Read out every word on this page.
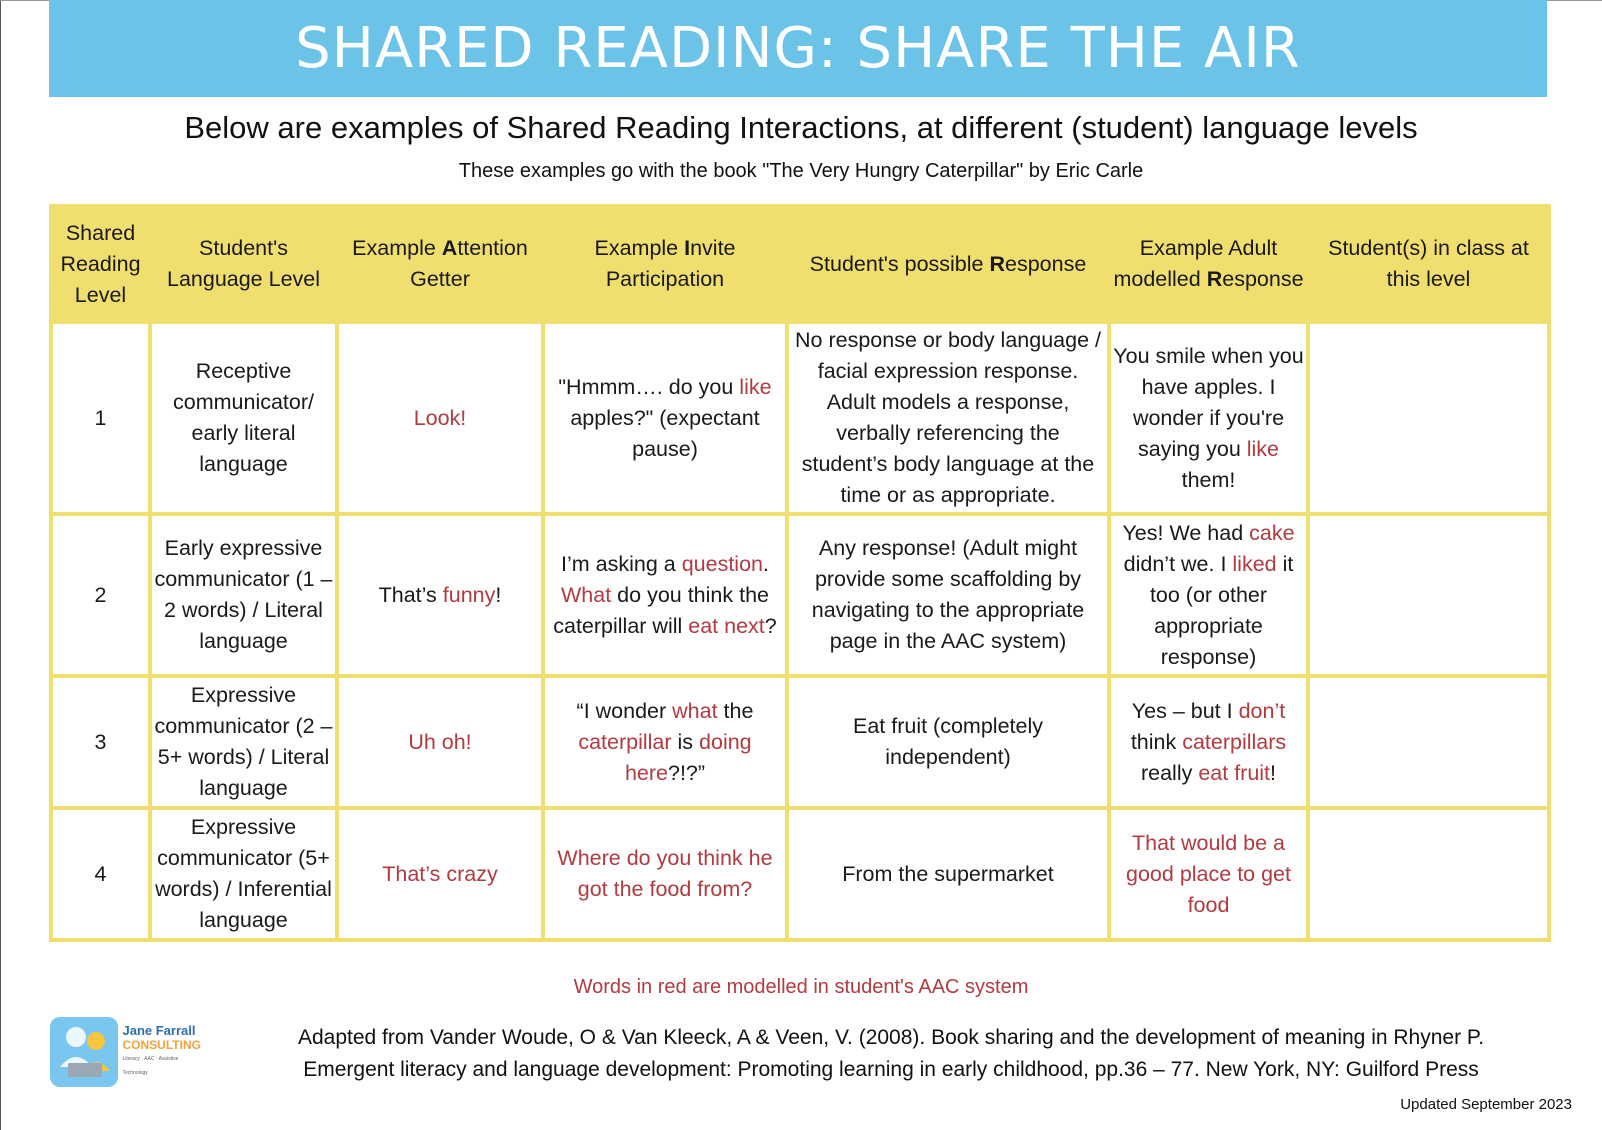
SHARED READING: SHARE THE AIR
Below are examples of Shared Reading Interactions, at different (student) language levels
These examples go with the book "The Very Hungry Caterpillar" by Eric Carle
Shared Reading Level	Student's Language Level	Example Attention Getter	Example Invite Participation	Student's possible Response	Example Adult modelled Response	Student(s) in class at this level
1	Receptive communicator/ early literal language	Look!	"Hmmm…. do you like apples?" (expectant pause)	No response or body language / facial expression response. Adult models a response, verbally referencing the student’s body language at the time or as appropriate.	You smile when you have apples. I wonder if you're saying you like them!	
2	Early expressive communicator (1 – 2 words) / Literal language	That’s funny!	I’m asking a question. What do you think the caterpillar will eat next?	Any response! (Adult might provide some scaffolding by navigating to the appropriate page in the AAC system)	Yes! We had cake didn’t we. I liked it too (or other appropriate response)	
3	Expressive communicator (2 – 5+ words) / Literal language	Uh oh!	“I wonder what the caterpillar is doing here?!?”	Eat fruit (completely independent)	Yes – but I don’t think caterpillars really eat fruit!	
4	Expressive communicator (5+ words) / Inferential language	That’s crazy	Where do you think he got the food from?	From the supermarket	That would be a good place to get food	
Words in red are modelled in student's AAC system
Jane Farrall
CONSULTING
Literacy · AAC · Assistive Technology
Adapted from Vander Woude, O & Van Kleeck, A & Veen, V. (2008). Book sharing and the development of meaning in Rhyner P.
Emergent literacy and language development: Promoting learning in early childhood, pp.36 – 77. New York, NY: Guilford Press
Updated September 2023
